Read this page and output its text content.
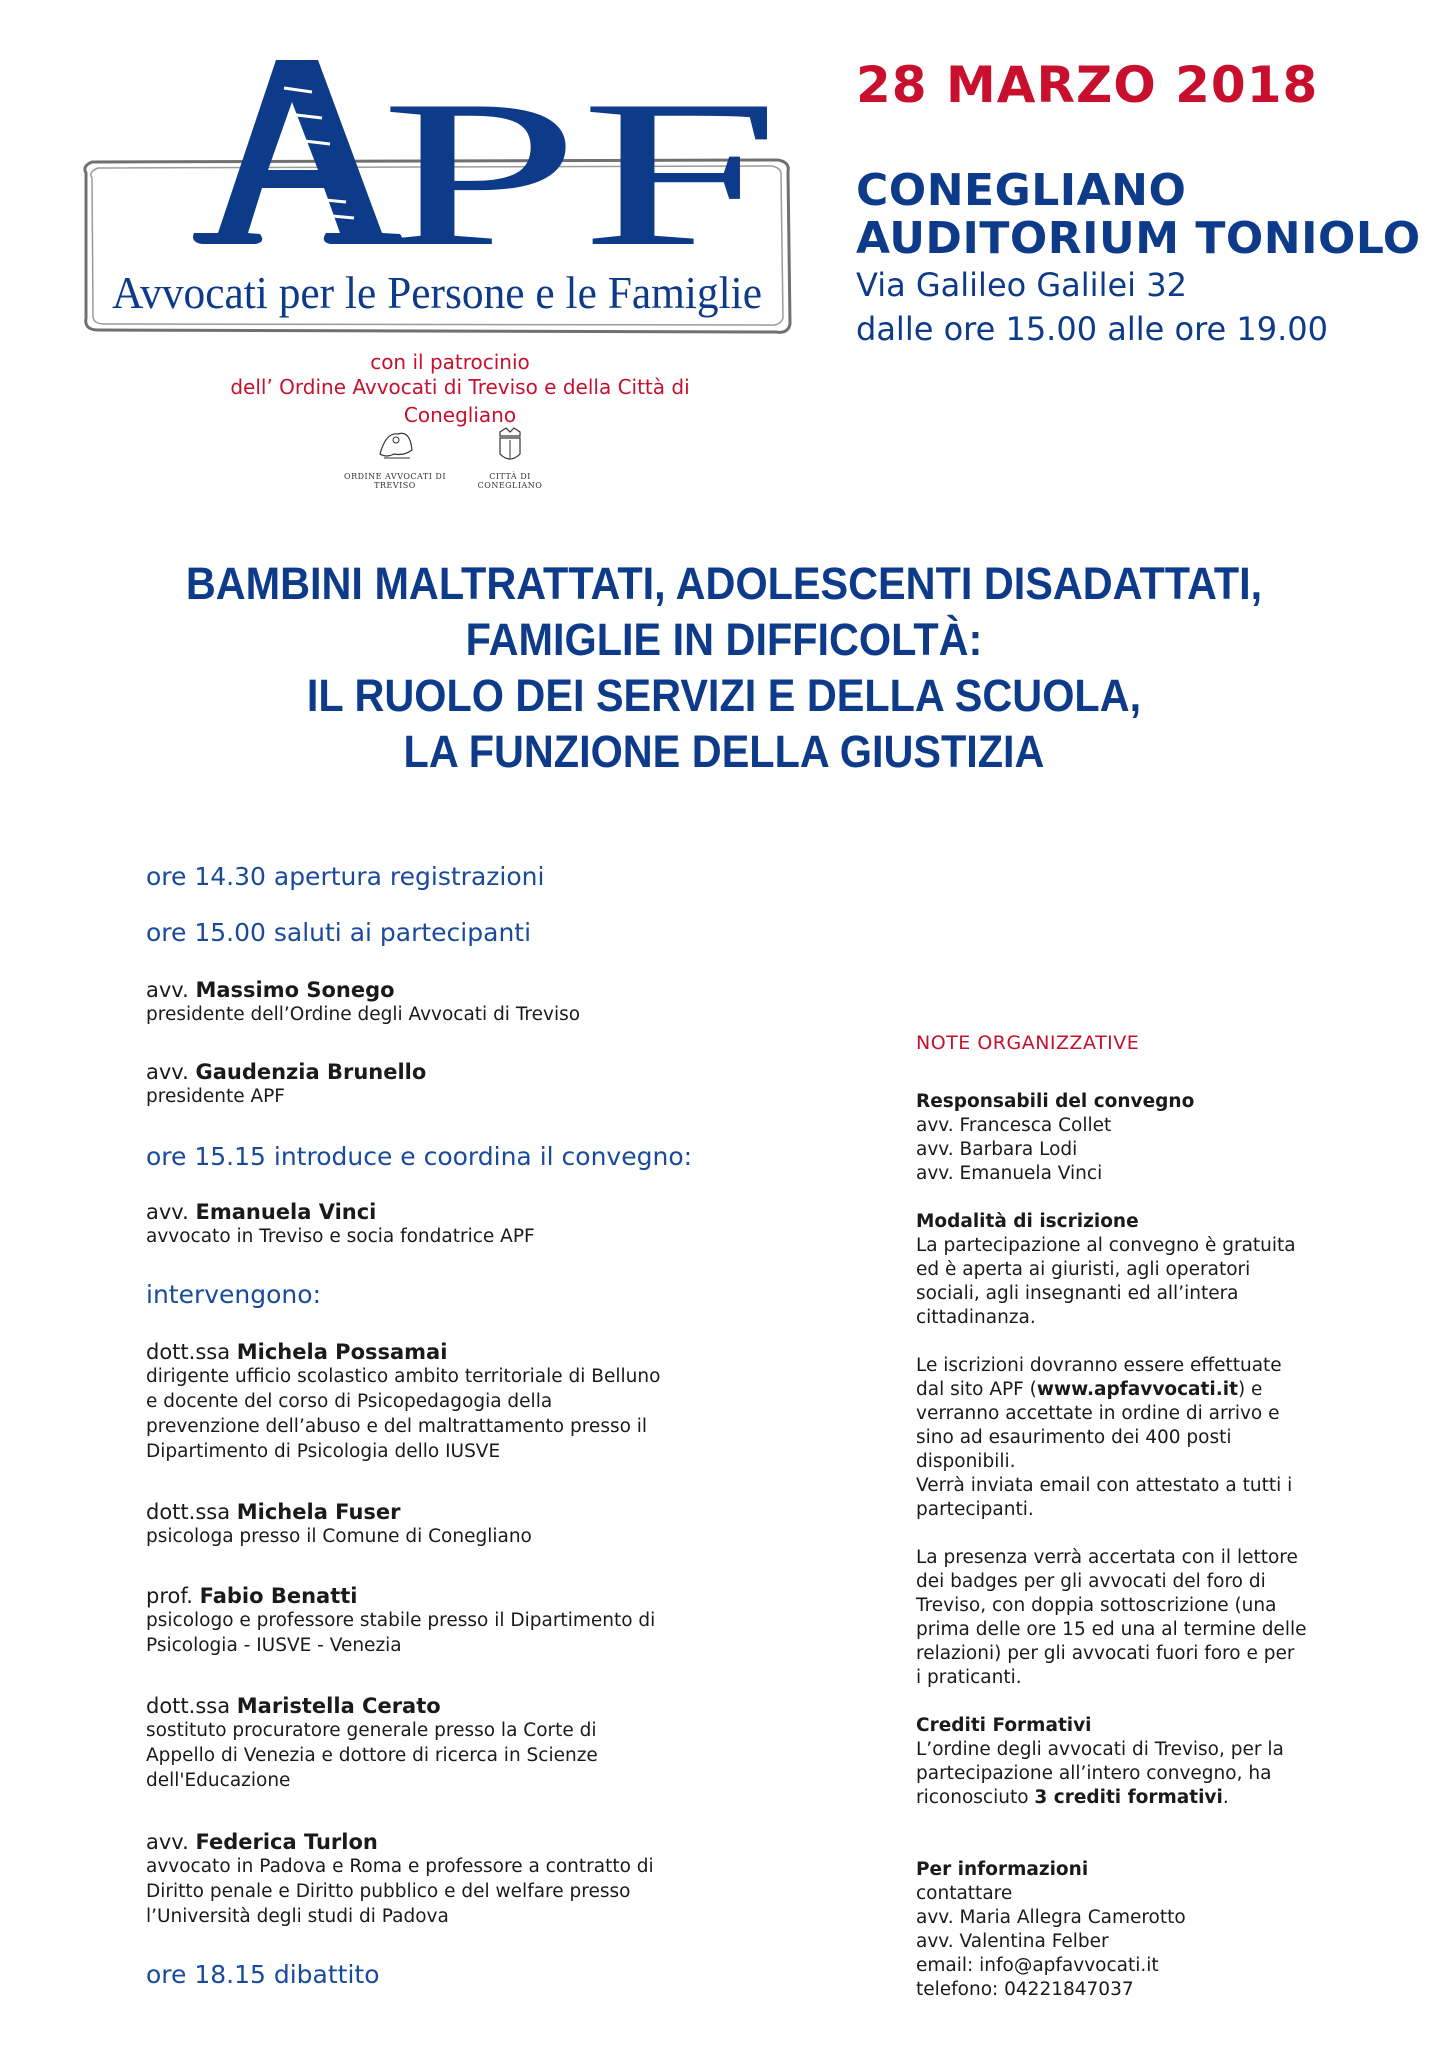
PF
Avvocati per le Persone e le Famiglie
con il patrocinio
dell’ Ordine Avvocati di Treviso e della Città di Conegliano
ORDINE AVVOCATI DI TREVISO
CITTÀ DI CONEGLIANO
28 MARZO 2018
CONEGLIANO
AUDITORIUM TONIOLO
Via Galileo Galilei 32
dalle ore 15.00 alle ore 19.00
BAMBINI MALTRATTATI, ADOLESCENTI DISADATTATI,
FAMIGLIE IN DIFFICOLTÀ:
IL RUOLO DEI SERVIZI E DELLA SCUOLA,
LA FUNZIONE DELLA GIUSTIZIA
ore 14.30 apertura registrazioni
ore 15.00 saluti ai partecipanti
avv. Massimo Sonego
presidente dell’Ordine degli Avvocati di Treviso
avv. Gaudenzia Brunello
presidente APF
ore 15.15 introduce e coordina il convegno:
avv. Emanuela Vinci
avvocato in Treviso e socia fondatrice APF
intervengono:
dott.ssa Michela Possamai
dirigente ufficio scolastico ambito territoriale di Belluno
e docente del corso di Psicopedagogia della
prevenzione dell’abuso e del maltrattamento presso il
Dipartimento di Psicologia dello IUSVE
dott.ssa Michela Fuser
psicologa presso il Comune di Conegliano
prof. Fabio Benatti
psicologo e professore stabile presso il Dipartimento di
Psicologia - IUSVE - Venezia
dott.ssa Maristella Cerato
sostituto procuratore generale presso la Corte di
Appello di Venezia e dottore di ricerca in Scienze
dell'Educazione
avv. Federica Turlon
avvocato in Padova e Roma e professore a contratto di
Diritto penale e Diritto pubblico e del welfare presso
l’Università degli studi di Padova
ore 18.15 dibattito
NOTE ORGANIZZATIVE
Responsabili del convegno
avv. Francesca Collet
avv. Barbara Lodi
avv. Emanuela Vinci
Modalità di iscrizione
La partecipazione al convegno è gratuita
ed è aperta ai giuristi, agli operatori
sociali, agli insegnanti ed all’intera
cittadinanza.
Le iscrizioni dovranno essere effettuate
dal sito APF (www.apfavvocati.it) e
verranno accettate in ordine di arrivo e
sino ad esaurimento dei 400 posti
disponibili.
Verrà inviata email con attestato a tutti i
partecipanti.
La presenza verrà accertata con il lettore
dei badges per gli avvocati del foro di
Treviso, con doppia sottoscrizione (una
prima delle ore 15 ed una al termine delle
relazioni) per gli avvocati fuori foro e per
i praticanti.
Crediti Formativi
L’ordine degli avvocati di Treviso, per la
partecipazione all’intero convegno, ha
riconosciuto 3 crediti formativi.
Per informazioni
contattare
avv. Maria Allegra Camerotto
avv. Valentina Felber
email: info@apfavvocati.it
telefono: 04221847037
